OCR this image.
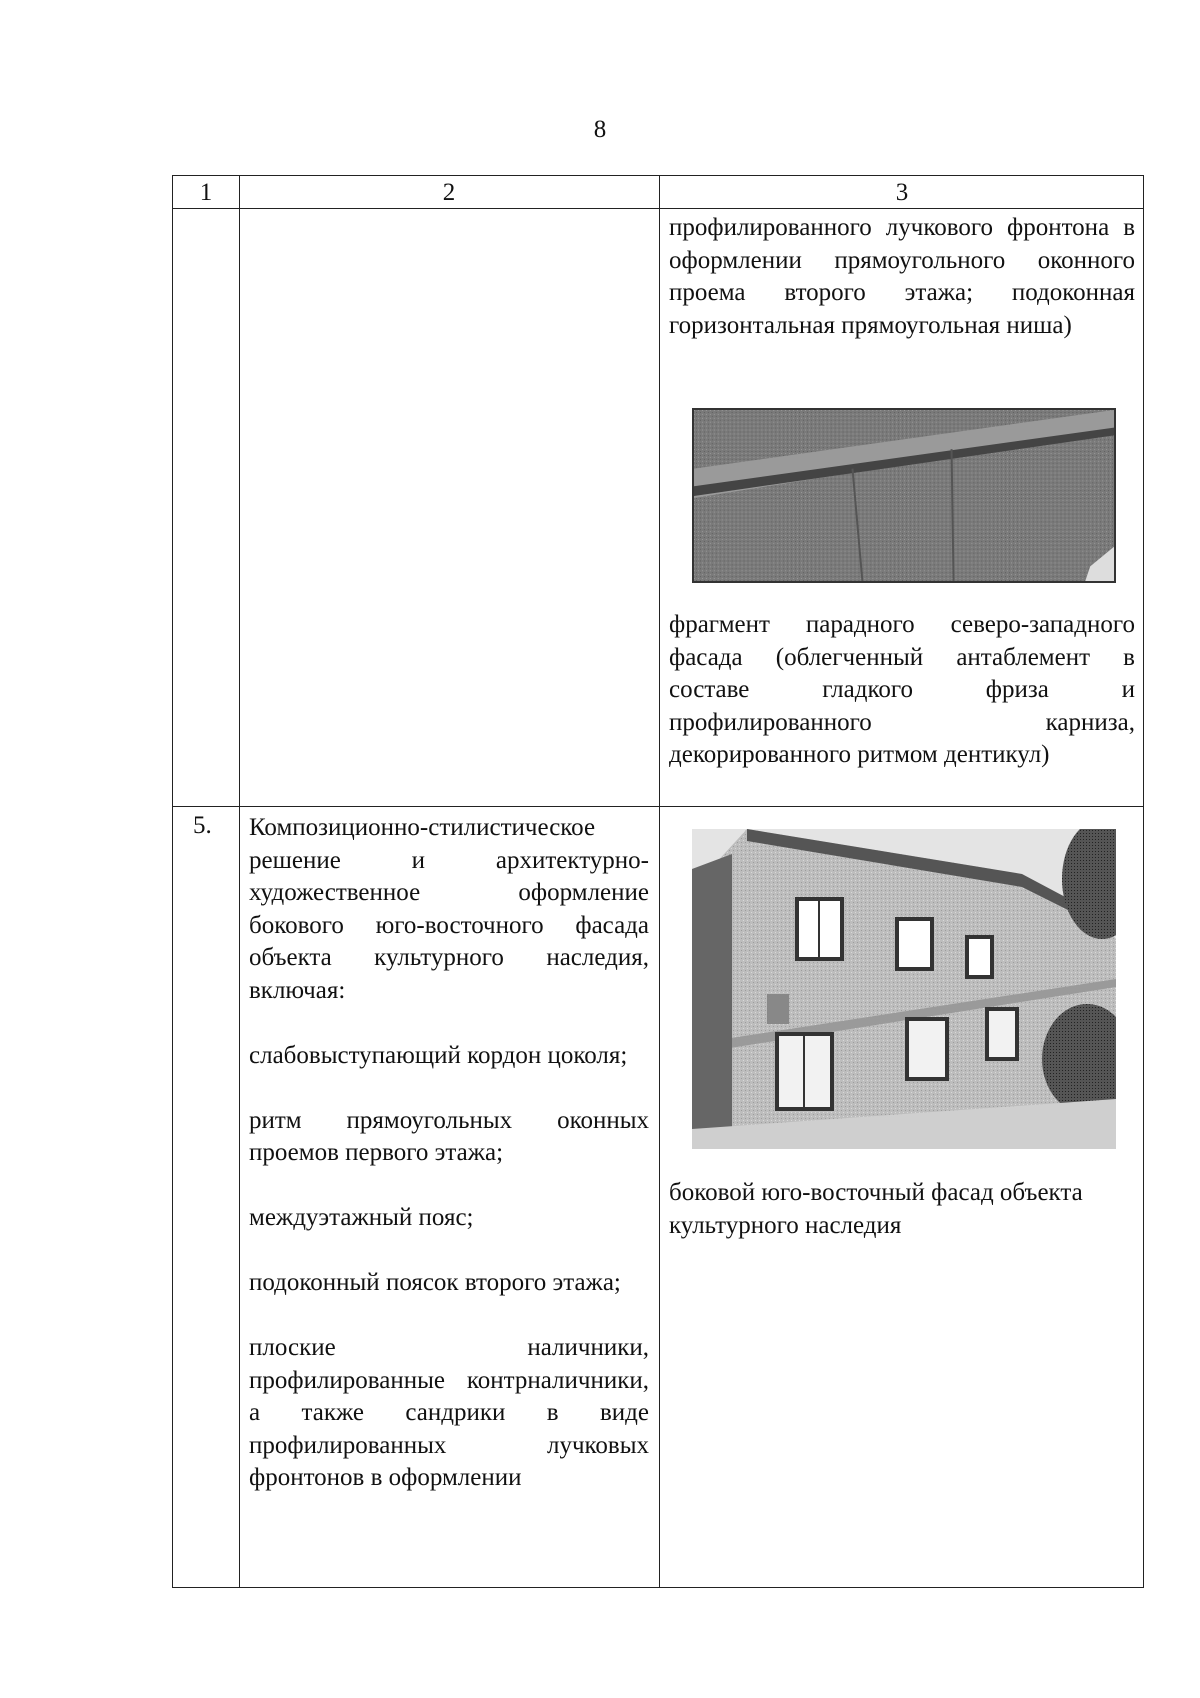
8
1	2	3

профилированного лучкового фронтона в оформлении прямоугольного оконного проема второго этажа; подоконная горизонтальная прямоугольная ниша)

фрагмент парадного северо-западного фасада (облегченный антаблемент в составе гладкого фриза и профилированного карниза, декорированного ритмом дентикул)

5. Композиционно-стилистическое решение и архитектурно-художественное оформление бокового юго-восточного фасада объекта культурного наследия, включая:

слабовыступающий кордон цоколя;

ритм прямоугольных оконных проемов первого этажа;

междуэтажный пояс;

подоконный поясок второго этажа;

плоские наличники, профилированные контрналичники, а также сандрики в виде профилированных лучковых фронтонов в оформлении

боковой юго-восточный фасад объекта культурного наследия
